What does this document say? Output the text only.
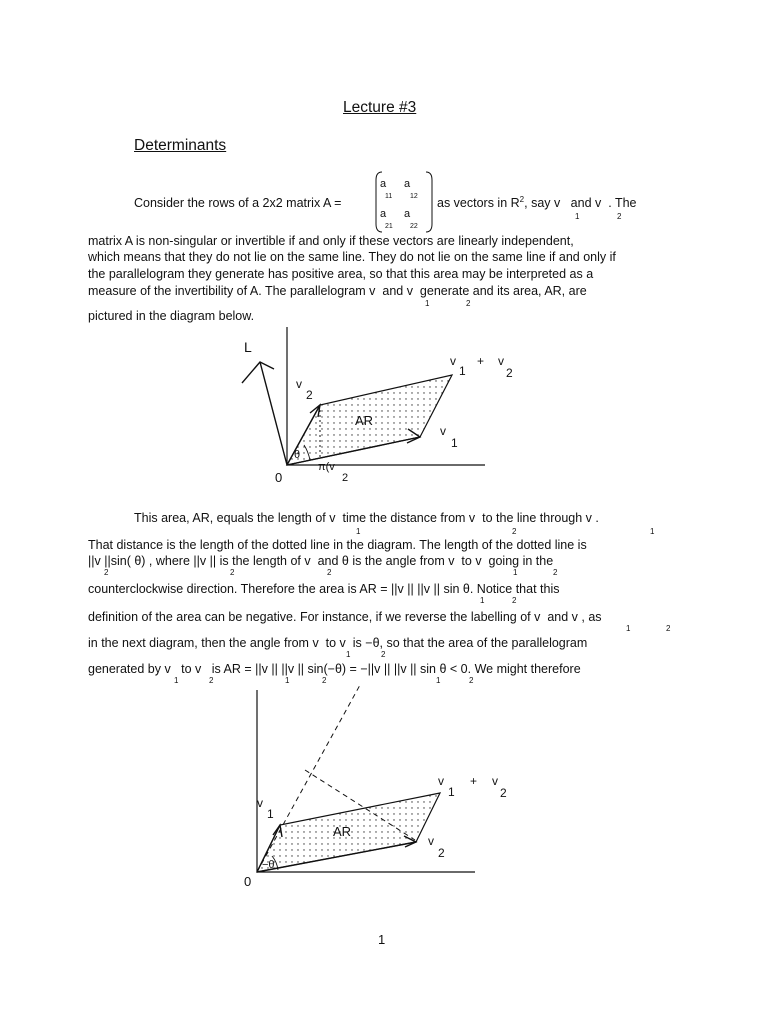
Lecture #3
Determinants
Consider the rows of a 2x2 matrix A =
a a
11	12
a a
21 22
as vectors in $R^2$, say v and v . The
1	2
matrix A is non-singular or invertible if and only if these vectors are linearly independent,
which means that they do not lie on the same line. They do not lie on the same line if and only if
the parallelogram they generate has positive area, so that this area may be interpreted as a
measure of the invertibility of A. The parallelogram v and v generate and its area, AR, are
1	2
pictured in the diagram below.
L
v
1
+ v
2
v
2
AR
v
1
θ
0
π(v
2
This area, AR, equals the length of v time the distance from v to the line through v .
1	2	1
That distance is the length of the dotted line in the diagram. The length of the dotted line is
||v ||sin( θ) , where ||v || is the length of v and θ is the angle from v to v going in the
2	2	2	1	2
counterclockwise direction. Therefore the area is AR = ||v || ||v || sin θ. Notice that this
1	2
definition of the area can be negative. For instance, if we reverse the labelling of v and v , as
1	2
in the next diagram, then the angle from v to v is −θ, so that the area of the parallelogram
1	2
generated by v to v is AR = ||v || ||v || sin(−θ) = −||v || ||v || sin θ < 0. We might therefore
1	2	1	2	1	2
v
1
+ v
2
v
1
AR
v
2
−θ
0
1
